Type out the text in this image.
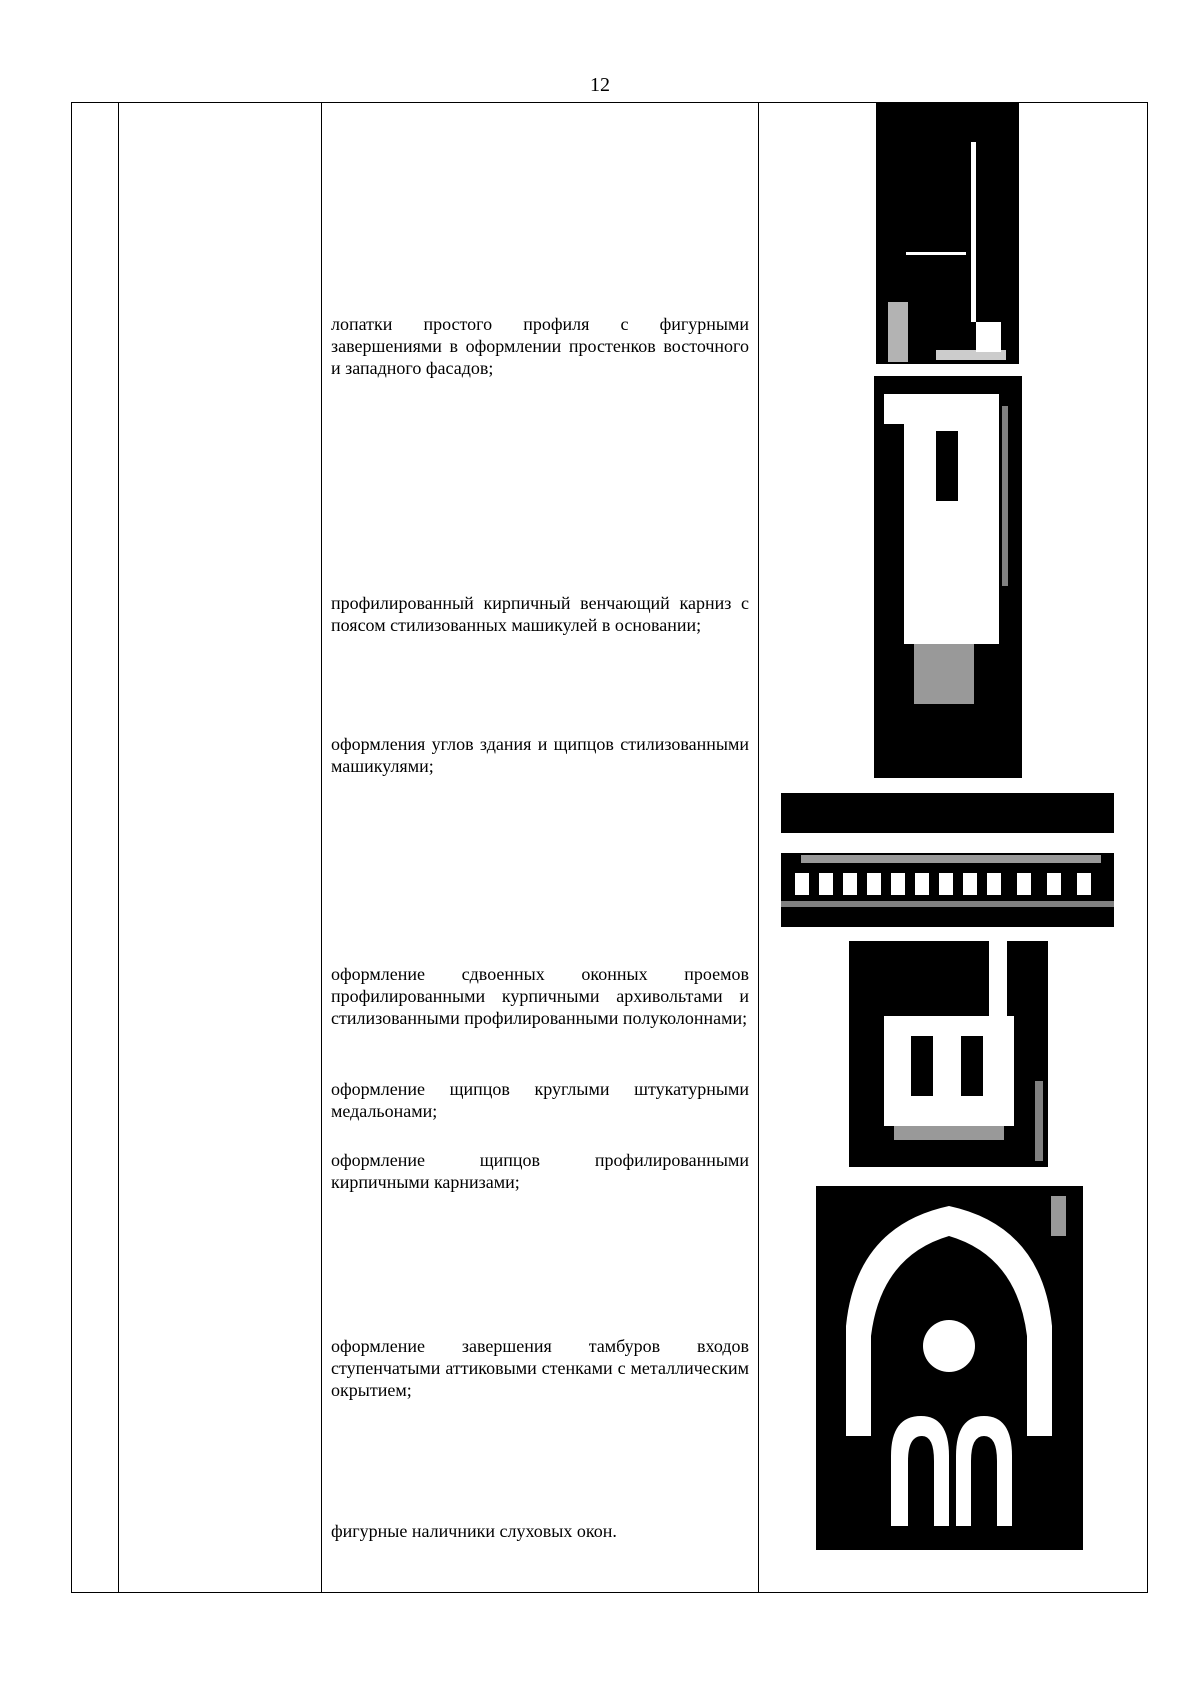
12
лопатки простого профиля с фигурными завершениями в оформлении простенков восточного и западного фасадов;
профилированный кирпичный венчающий карниз с поясом стилизованных машикулей в основании;
оформления углов здания и щипцов стилизованными машикулями;
оформление сдвоенных оконных проемов профилированными курпичными архивольтами и стилизованными профилированными полуколоннами;
оформление щипцов круглыми штукатурными медальонами;
оформление щипцов профилированными кирпичными карнизами;
оформление завершения тамбуров входов ступенчатыми аттиковыми стенками с металлическим окрытием;
фигурные наличники слуховых окон.
